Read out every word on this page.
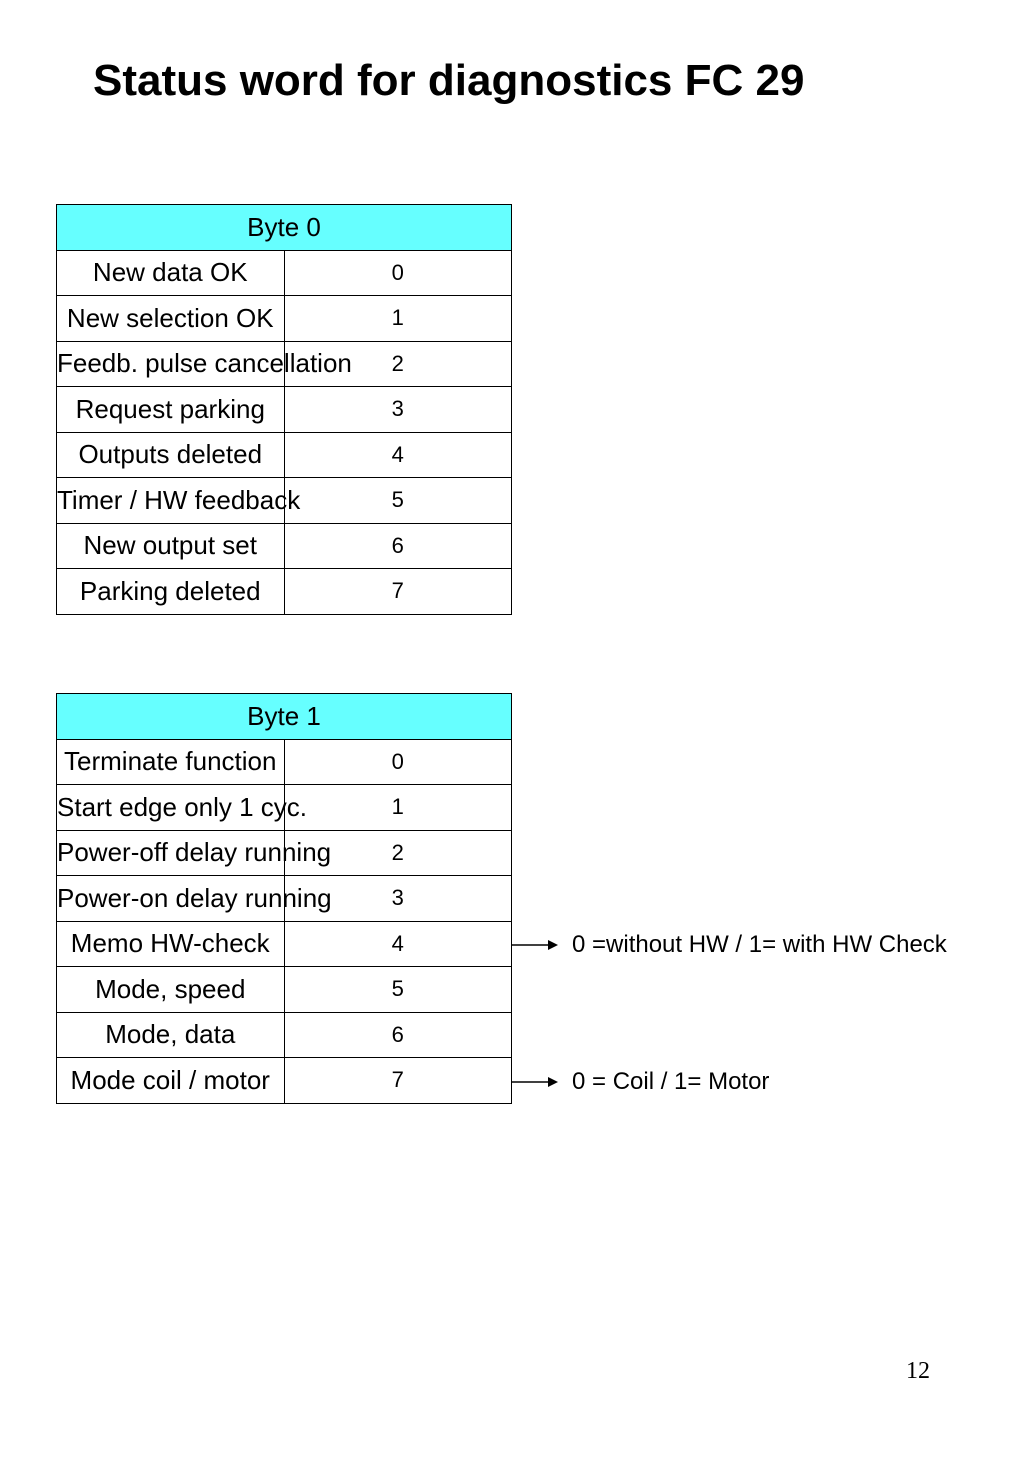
Status word for diagnostics FC 29
Byte 0	
New data OK	0
New selection OK	1
Feedb. pulse cancellation	2
Request parking	3
Outputs deleted	4
Timer / HW feedback	5
New output set	6
Parking deleted	7
Byte 1	
Terminate function	0
Start edge only 1 cyc.	1
Power-off delay running	2
Power-on delay running	3
Memo HW-check	4
Mode, speed	5
Mode, data	6
Mode coil / motor	7
0 =without HW / 1= with HW Check
0 = Coil / 1= Motor
12
